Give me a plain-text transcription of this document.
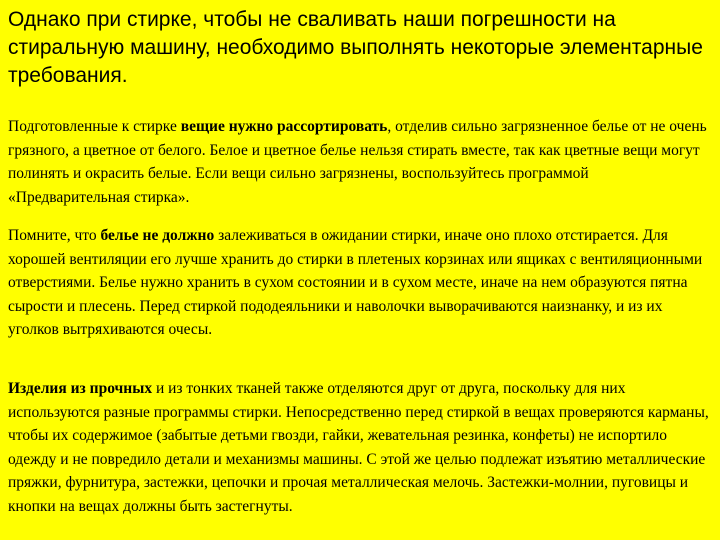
Однако при стирке, чтобы не сваливать наши погрешности на стиральную машину, необходимо выполнять некоторые элементарные требования.

Подготовленные к стирке вещие нужно рассортировать, отделив сильно загрязненное белье от не очень грязного, а цветное от белого. Белое и цветное белье нельзя стирать вместе, так как цветные вещи могут полинять и окрасить белые. Если вещи сильно загрязнены, воспользуйтесь программой «Предварительная стирка».

Помните, что белье не должно залеживаться в ожидании стирки, иначе оно плохо отстирается. Для хорошей вентиляции его лучше хранить до стирки в плетеных корзинах или ящиках с вентиляционными отверстиями. Белье нужно хранить в сухом состоянии и в сухом месте, иначе на нем образуются пятна сырости и плесень. Перед стиркой пододеяльники и наволочки выворачиваются наизнанку, и из их уголков вытряхиваются очесы.

Изделия из прочных и из тонких тканей также отделяются друг от друга, поскольку для них используются разные программы стирки. Непосредственно перед стиркой в вещах проверяются карманы, чтобы их содержимое (забытые детьми гвозди, гайки, жевательная резинка, конфеты) не испортило одежду и не повредило детали и механизмы машины. С этой же целью подлежат изъятию металлические пряжки, фурнитура, застежки, цепочки и прочая металлическая мелочь. Застежки-молнии, пуговицы и кнопки на вещах должны быть застегнуты.
